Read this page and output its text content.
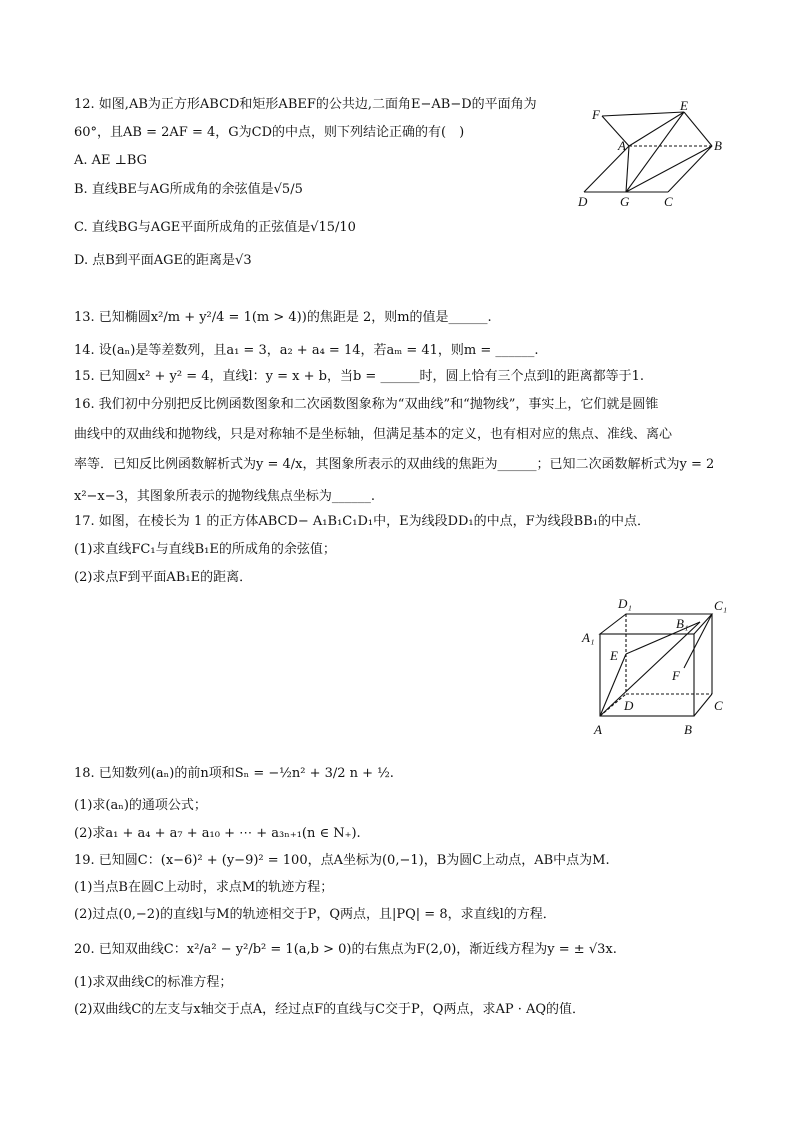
12. 如图,AB为正方形ABCD和矩形ABEF的公共边,二面角E−AB−D的平面角为
60°，且AB = 2AF = 4，G为CD的中点，则下列结论正确的有(　)
A. AE ⊥BG
B. 直线BE与AG所成角的余弦值是√5/5
C. 直线BG与AGE平面所成角的正弦值是√15/10
D. 点B到平面AGE的距离是√3
F
E
A	B
D	G	C
13. 已知椭圆x²/m + y²/4 = 1(m > 4))的焦距是 2，则m的值是______.
14. 设(aₙ)是等差数列，且a₁ = 3，a₂ + a₄ = 14，若aₘ = 41，则m = ______.
15. 已知圆x² + y² = 4，直线l：y = x + b，当b = ______时，圆上恰有三个点到l的距离都等于1.
16. 我们初中分别把反比例函数图象和二次函数图象称为“双曲线”和“抛物线”，事实上，它们就是圆锥
曲线中的双曲线和抛物线，只是对称轴不是坐标轴，但满足基本的定义，也有相对应的焦点、准线、离心
率等．已知反比例函数解析式为y = 4/x，其图象所表示的双曲线的焦距为______；已知二次函数解析式为y = 2
x²−x−3，其图象所表示的抛物线焦点坐标为______.
17. 如图，在棱长为 1 的正方体ABCD− A₁B₁C₁D₁中，E为线段DD₁的中点，F为线段BB₁的中点．
(1)求直线FC₁与直线B₁E的所成角的余弦值；
(2)求点F到平面AB₁E的距离．
D₁	C₁
A₁
B₁
E
F
D	C
A	B
18. 已知数列(aₙ)的前n项和Sₙ = −½n² + 3/2 n + ½.
(1)求(aₙ)的通项公式；
(2)求a₁ + a₄ + a₇ + a₁₀ + ⋯ + a₃ₙ₊₁(n ∈ N₊).
19. 已知圆C：(x−6)² + (y−9)² = 100，点A坐标为(0,−1)，B为圆C上动点，AB中点为M.
(1)当点B在圆C上动时，求点M的轨迹方程；
(2)过点(0,−2)的直线l与M的轨迹相交于P，Q两点，且|PQ| = 8，求直线l的方程．
20. 已知双曲线C：x²/a² − y²/b² = 1(a,b > 0)的右焦点为F(2,0)，渐近线方程为y = ± √3x.
(1)求双曲线C的标准方程；
(2)双曲线C的左支与x轴交于点A，经过点F的直线与C交于P，Q两点，求AP · AQ的值．
